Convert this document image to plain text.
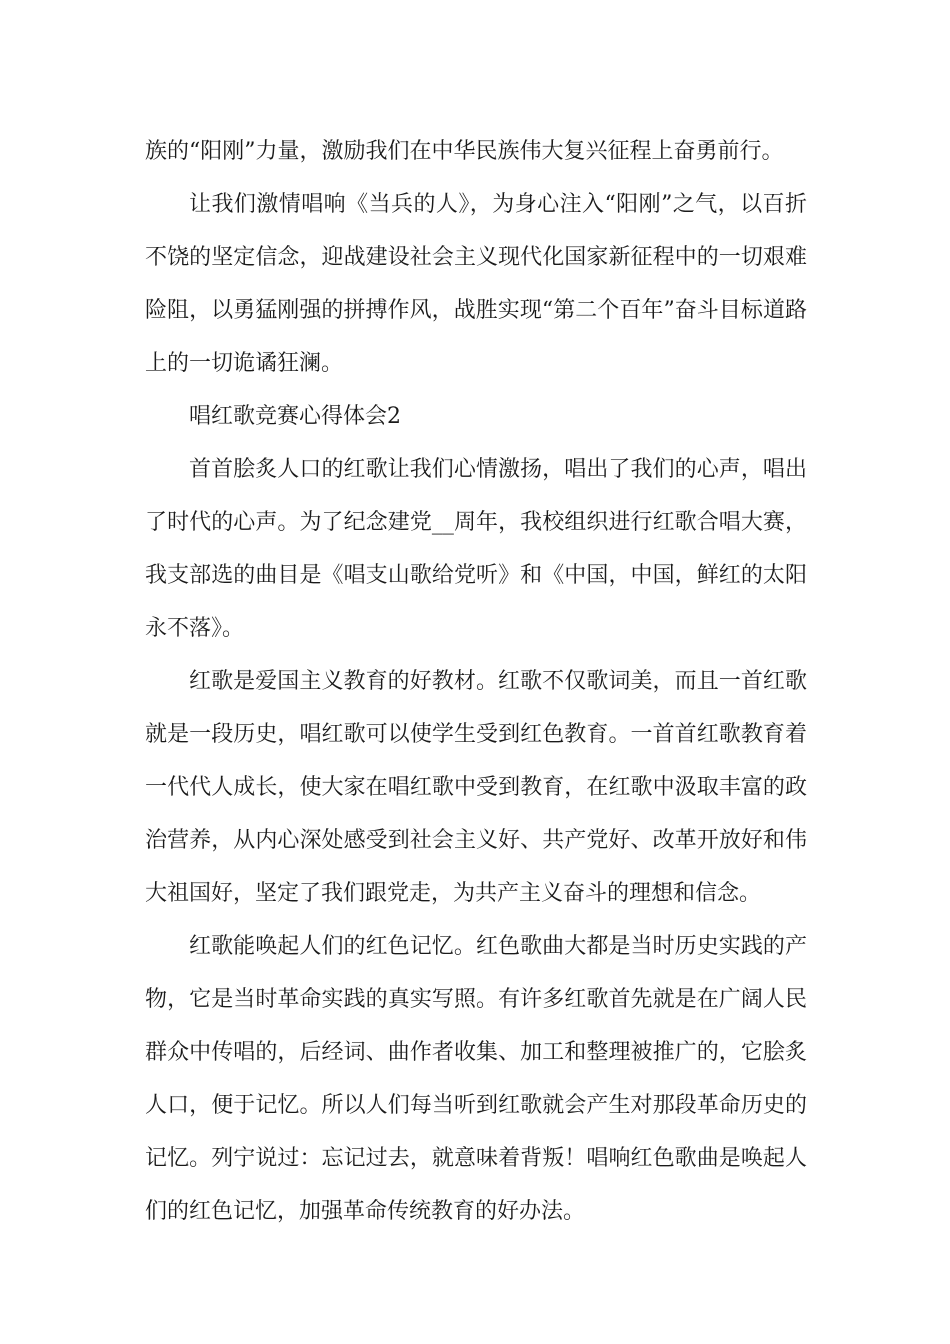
族的“阳刚”力量，激励我们在中华民族伟大复兴征程上奋勇前行。

让我们激情唱响《当兵的人》，为身心注入“阳刚”之气，以百折不饶的坚定信念，迎战建设社会主义现代化国家新征程中的一切艰难险阻，以勇猛刚强的拼搏作风，战胜实现“第二个百年”奋斗目标道路上的一切诡谲狂澜。

唱红歌竞赛心得体会2

首首脍炙人口的红歌让我们心情激扬，唱出了我们的心声，唱出了时代的心声。为了纪念建党__周年，我校组织进行红歌合唱大赛，我支部选的曲目是《唱支山歌给党听》和《中国，中国，鲜红的太阳永不落》。

红歌是爱国主义教育的好教材。红歌不仅歌词美，而且一首红歌就是一段历史，唱红歌可以使学生受到红色教育。一首首红歌教育着一代代人成长，使大家在唱红歌中受到教育，在红歌中汲取丰富的政治营养，从内心深处感受到社会主义好、共产党好、改革开放好和伟大祖国好，坚定了我们跟党走，为共产主义奋斗的理想和信念。

红歌能唤起人们的红色记忆。红色歌曲大都是当时历史实践的产物，它是当时革命实践的真实写照。有许多红歌首先就是在广阔人民群众中传唱的，后经词、曲作者收集、加工和整理被推广的，它脍炙人口，便于记忆。所以人们每当听到红歌就会产生对那段革命历史的记忆。列宁说过：忘记过去，就意味着背叛！唱响红色歌曲是唤起人们的红色记忆，加强革命传统教育的好办法。
